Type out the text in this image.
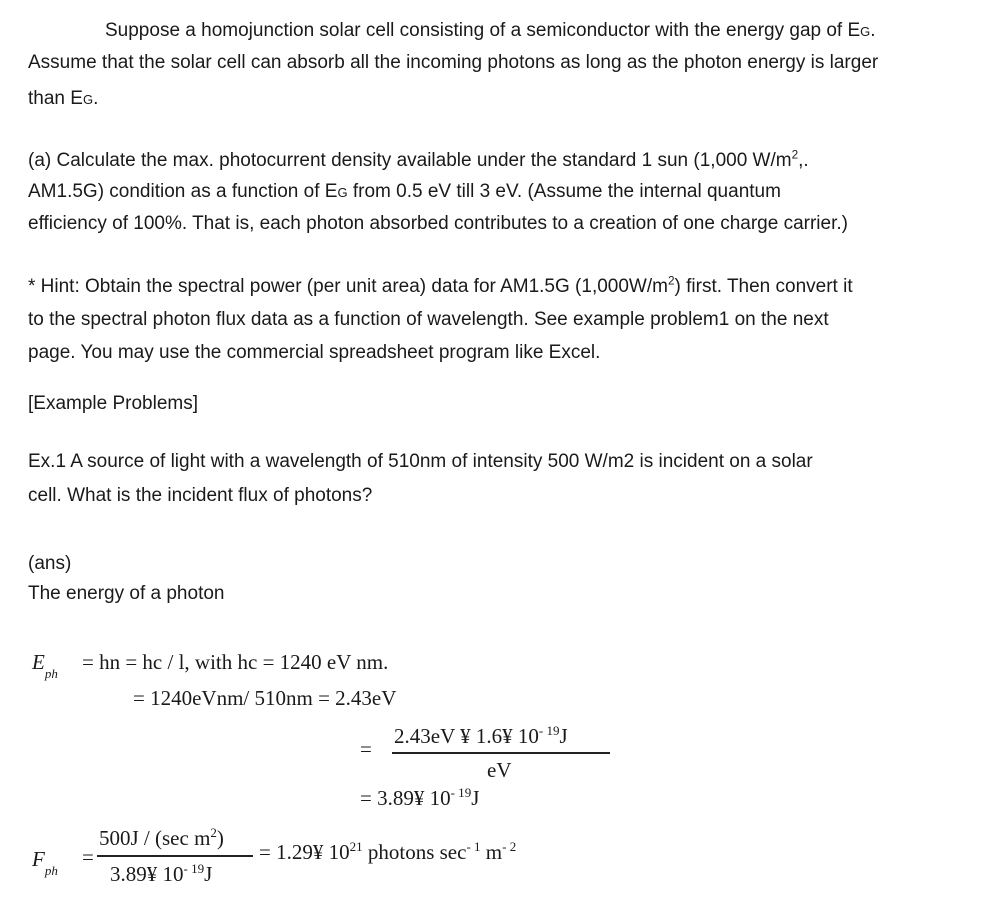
Suppose a homojunction solar cell consisting of a semiconductor with the energy gap of EG.
Assume that the solar cell can absorb all the incoming photons as long as the photon energy is larger
than EG.
(a) Calculate the max. photocurrent density available under the standard 1 sun (1,000 $W/m^2$,.
AM1.5G) condition as a function of EG from 0.5 eV till 3 eV. (Assume the internal quantum
efficiency of 100%. That is, each photon absorbed contributes to a creation of one charge carrier.)
* Hint: Obtain the spectral power (per unit area) data for AM1.5G $(1,000W/m^2)$ first. Then convert it
to the spectral photon flux data as a function of wavelength. See example problem1 on the next
page. You may use the commercial spreadsheet program like Excel.
[Example Problems]
Ex.1 A source of light with a wavelength of 510nm of intensity 500 W/m2 is incident on a solar
cell. What is the incident flux of photons?
(ans)
The energy of a photon
$E_{ph}$ = hn = hc / l, with hc = 1240 eV nm.
= 1240eVnm/ 510nm = 2.43eV
=
2.43eV ¥ 1.6¥ $10^{- 19}J$
eV
= 3.89¥ $10^{- 19}J$
$F_{ph}$
=
500J / (sec $m^2$)
3.89¥ $10^{- 19}J$
= 1.29¥ $10^{21}$ photons $\sec^{- 1} m^{- 2}$
